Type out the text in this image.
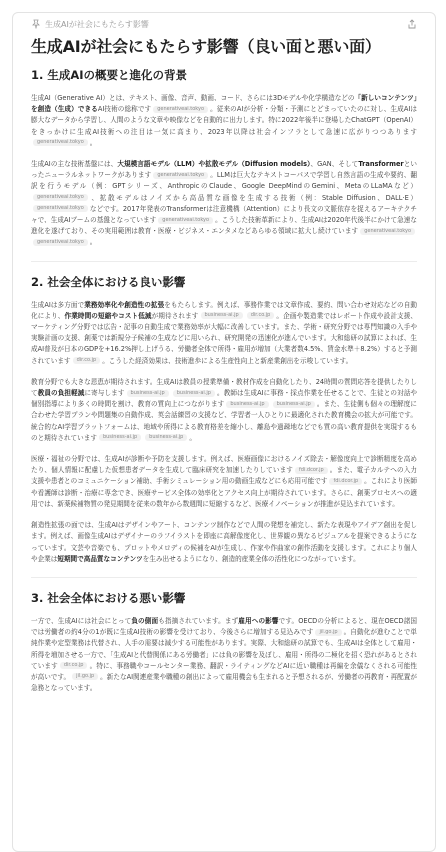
生成AIが社会にもたらす影響
生成AIが社会にもたらす影響（良い面と悪い面）
1. 生成AIの概要と進化の背景

生成AI（Generative AI）とは、テキスト、画像、音声、動画、コード、さらには3Dモデルや化学構造などの「新しいコンテンツ」を創造（生成）できるAI技術の総称です generativeai.tokyo 。従来のAIが分析・分類・予測にとどまっていたのに対し、生成AIは膨大なデータから学習し、人間のような文章や映像などを自動的に出力します。特に2022年後半に登場したChatGPT（OpenAI）をきっかけに生成AI技術への注目は一気に高まり、2023年以降は社会インフラとして急速に広がりつつありますgenerativeai.tokyo 。

生成AIの主な技術基盤には、大規模言語モデル（LLM）や拡散モデル（Diffusion models）、GAN、そしてTransformerといったニューラルネットワークがあります generativeai.tokyo 。LLMは巨大なテキストコーパスで学習し自然言語の生成や要約、翻訳を行うモデル（例：GPTシリーズ、AnthropicのClaude、Google DeepMindのGemini、MetaのLLaMAなど）generativeai.tokyo 、拡散モデルはノイズから高品質な画像を生成する技術（例：Stable Diffusion、DALL·E）generativeai.tokyo などです。2017年発表のTransformerは注意機構（Attention）により長文の文脈依存を捉えるアーキテクチャで、生成AIブームの基盤となっています generativeai.tokyo 。こうした技術革新により、生成AIは2020年代後半にかけて急速な進化を遂げており、その実用範囲は教育・医療・ビジネス・エンタメなどあらゆる領域に拡大し続けています generativeai.tokyogenerativeai.tokyo 。

2. 社会全体における良い影響

生成AIは多方面で業務効率化や創造性の拡張をもたらします。例えば、事務作業では文章作成、要約、問い合わせ対応などの自動化により、作業時間の短縮やコスト低減が期待されます business-ai.jp dir.co.jp 。企画や製造業ではレポート作成や設計支援、マーケティング分野では広告・記事の自動生成で業務効率が大幅に改善しています。また、学術・研究分野では専門知識の入手や実験計画の支援、創薬では新規分子候補の生成などに用いられ、研究開発の迅速化が進んでいます。大和総研の試算によれば、生成AI普及が日本のGDPを+16.2%押し上げうる、労働者全体で所得・雇用が増加（大業者数4.5%、賃金水準＋8.2%）すると予測されています dir.co.jp 。こうした経済効果は、技術進歩による生産性向上と新産業創出を示唆しています。

教育分野でも大きな恩恵が期待されます。生成AIは教員の授業準備・教材作成を自動化したり、24時間の質問応答を提供したりして教員の負担軽減に寄与します business-ai.jp business-ai.jp 。教師は生成AIに事務・採点作業を任せることで、生徒との対話や個別指導により多くの時間を割け、教育の質向上につながります business-ai.jp business-ai.jp 。また、生徒側も個々の理解度に合わせた学習プランや問題集の自動作成、英会話練習の支援など、学習者一人ひとりに最適化された教育機会の拡大が可能です。統合的なAI学習プラットフォームは、地域や所得による教育格差を縮小し、離島や過疎地などでも質の高い教育提供を実現するものと期待されています business-ai.jp business-ai.jp 。

医療・福祉の分野では、生成AIが診断や予防を支援します。例えば、医療画像におけるノイズ除去・解像度向上で診断精度を高めたり、個人情報に配慮した仮想患者データを生成して臨床研究を加速したりしています fdi.dcor.jp 。また、電子カルテへの入力支援や患者とのコミュニケーション補助、手術シミュレーション用の動画生成などにも応用可能です fdi.dcor.jp 。これにより医師や看護師は診断・治療に専念でき、医療サービス全体の効率化とアクセス向上が期待されています。さらに、創薬プロセスへの適用では、新薬候補物質の発見期間を従来の数年から数週間に短縮するなど、医療イノベーションが推進が見込まれています。

創造性拡張の面では、生成AIはデザインやアート、コンテンツ制作などで人間の発想を補完し、新たな表現やアイデア創出を促します。例えば、画像生成AIはデザイナーのラフイラストを即座に高解像度化し、世界観の異なるビジュアルを提案できるようになっています。文芸や音楽でも、プロットやメロディの候補をAIが生成し、作家や作曲家の創作活動を支援します。これにより個人や企業は短期間で高品質なコンテンツを生み出せるようになり、創造的産業全体の活性化につながっています。

3. 社会全体における悪い影響

一方で、生成AIには社会にとって負の側面も指摘されています。まず雇用への影響です。OECDの分析によると、現在OECD諸国では労働者の約4分の1が既に生成AI技術の影響を受けており、今後さらに増加する見込みです jil.go.jp 。自動化が進むことで単純作業や定型業務は代替され、人手の需要は減少する可能性があります。実際、大和総研の試算でも、生成AIは全体として雇用・所得を増加させる一方で、「生成AIと代替関係にある労働者」には負の影響を及ぼし、雇用・所得の二極化を招く恐れがあるとされています dir.co.jp 。特に、事務職やコールセンター業務、翻訳・ライティングなどAIに近い職種は再編を余儀なくされる可能性が高いです。 jil.go.jp 。新たなAI関連産業や職種の創出によって雇用機会も生まれると予想されるが、労働者の再教育・再配置が急務となっています。
